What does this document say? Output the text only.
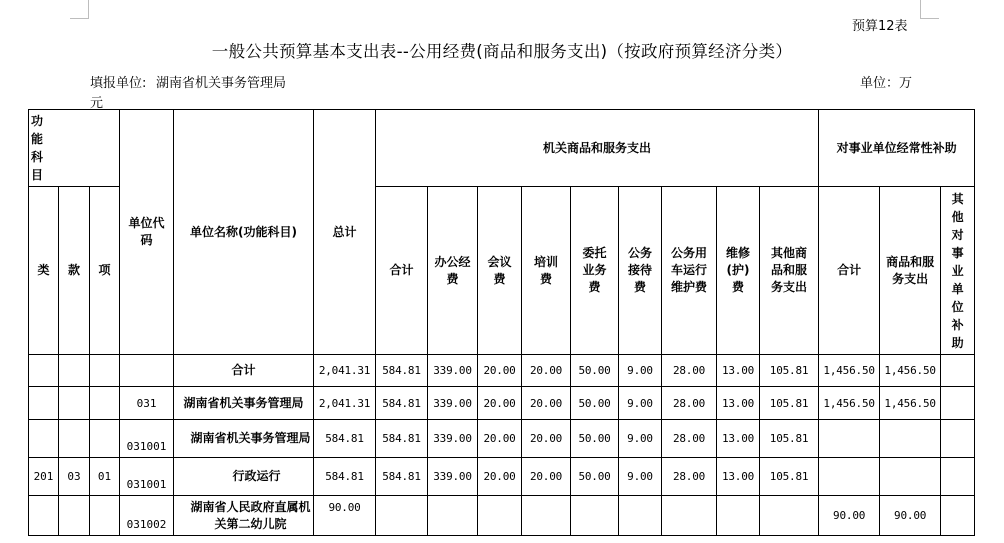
预算12表
一般公共预算基本支出表--公用经费(商品和服务支出)（按政府预算经济分类）
填报单位: 湖南省机关事务管理局	单位：万
元
功能科目			单位代码	单位名称(功能科目)	总计	机关商品和服务支出									对事业单位经常性补助		
类	款	项				合计	办公经费	会议费	培训费	委托业务费	公务接待费	公务用车运行维护费	维修(护)费	其他商品和服务支出	合计	商品和服务支出	其他对事业单位补助

				合计	2,041.31	584.81	339.00	20.00	20.00	50.00	9.00	28.00	13.00	105.81	1,456.50	1,456.50	
			031	湖南省机关事务管理局	2,041.31	584.81	339.00	20.00	20.00	50.00	9.00	28.00	13.00	105.81	1,456.50	1,456.50	
			031001	湖南省机关事务管理局	584.81	584.81	339.00	20.00	20.00	50.00	9.00	28.00	13.00	105.81			
201	03	01	031001	行政运行	584.81	584.81	339.00	20.00	20.00	50.00	9.00	28.00	13.00	105.81			
			031002	湖南省人民政府直属机关第二幼儿院	90.00										90.00	90.00	
